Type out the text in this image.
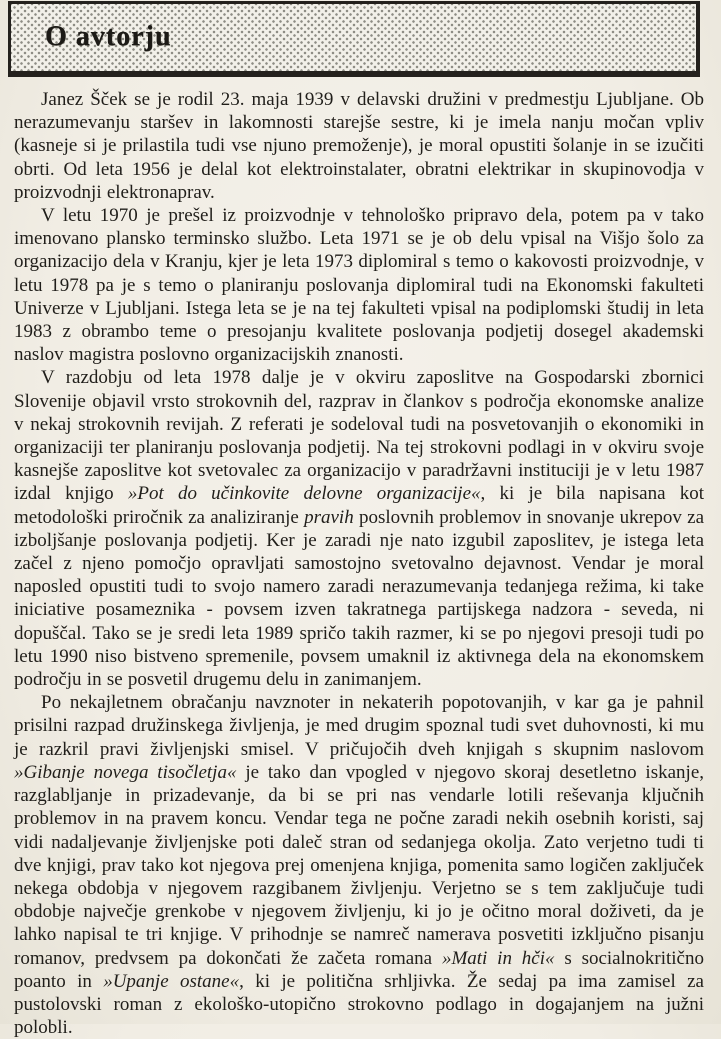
O avtorju

Janez Šček se je rodil 23. maja 1939 v delavski družini v predmestju Ljubljane. Ob nerazumevanju staršev in lakomnosti starejše sestre, ki je imela nanju močan vpliv (kasneje si je prilastila tudi vse njuno premoženje), je moral opustiti šolanje in se izučiti obrti. Od leta 1956 je delal kot elektroinstalater, obratni elektrikar in skupinovodja v proizvodnji elektronaprav.

V letu 1970 je prešel iz proizvodnje v tehnološko pripravo dela, potem pa v tako imenovano plansko terminsko službo. Leta 1971 se je ob delu vpisal na Višjo šolo za organizacijo dela v Kranju, kjer je leta 1973 diplomiral s temo o kakovosti proizvodnje, v letu 1978 pa je s temo o planiranju poslovanja diplomiral tudi na Ekonomski fakulteti Univerze v Ljubljani. Istega leta se je na tej fakulteti vpisal na podiplomski študij in leta 1983 z obrambo teme o presojanju kvalitete poslovanja podjetij dosegel akademski naslov magistra poslovno organizacijskih znanosti.

V razdobju od leta 1978 dalje je v okviru zaposlitve na Gospodarski zbornici Slovenije objavil vrsto strokovnih del, razprav in člankov s področja ekonomske analize v nekaj strokovnih revijah. Z referati je sodeloval tudi na posvetovanjih o ekonomiki in organizaciji ter planiranju poslovanja podjetij. Na tej strokovni podlagi in v okviru svoje kasnejše zaposlitve kot svetovalec za organizacijo v paradržavni instituciji je v letu 1987 izdal knjigo »Pot do učinkovite delovne organizacije«, ki je bila napisana kot metodološki priročnik za analiziranje pravih poslovnih problemov in snovanje ukrepov za izboljšanje poslovanja podjetij. Ker je zaradi nje nato izgubil zaposlitev, je istega leta začel z njeno pomočjo opravljati samostojno svetovalno dejavnost. Vendar je moral naposled opustiti tudi to svojo namero zaradi nerazumevanja tedanjega režima, ki take iniciative posameznika - povsem izven takratnega partijskega nadzora - seveda, ni dopuščal. Tako se je sredi leta 1989 spričo takih razmer, ki se po njegovi presoji tudi po letu 1990 niso bistveno spremenile, povsem umaknil iz aktivnega dela na ekonomskem področju in se posvetil drugemu delu in zanimanjem.

Po nekajletnem obračanju navznoter in nekaterih popotovanjih, v kar ga je pahnil prisilni razpad družinskega življenja, je med drugim spoznal tudi svet duhovnosti, ki mu je razkril pravi življenjski smisel. V pričujočih dveh knjigah s skupnim naslovom »Gibanje novega tisočletja« je tako dan vpogled v njegovo skoraj desetletno iskanje, razglabljanje in prizadevanje, da bi se pri nas vendarle lotili reševanja ključnih problemov in na pravem koncu. Vendar tega ne počne zaradi nekih osebnih koristi, saj vidi nadaljevanje življenjske poti daleč stran od sedanjega okolja. Zato verjetno tudi ti dve knjigi, prav tako kot njegova prej omenjena knjiga, pomenita samo logičen zaključek nekega obdobja v njegovem razgibanem življenju. Verjetno se s tem zaključuje tudi obdobje največje grenkobe v njegovem življenju, ki jo je očitno moral doživeti, da je lahko napisal te tri knjige. V prihodnje se namreč namerava posvetiti izključno pisanju romanov, predvsem pa dokončati že začeta romana »Mati in hči« s socialnokritično poanto in »Upanje ostane«, ki je politična srhljivka. Že sedaj pa ima zamisel za pustolovski roman z ekološko-utopično strokovno podlago in dogajanjem na južni polobli.
